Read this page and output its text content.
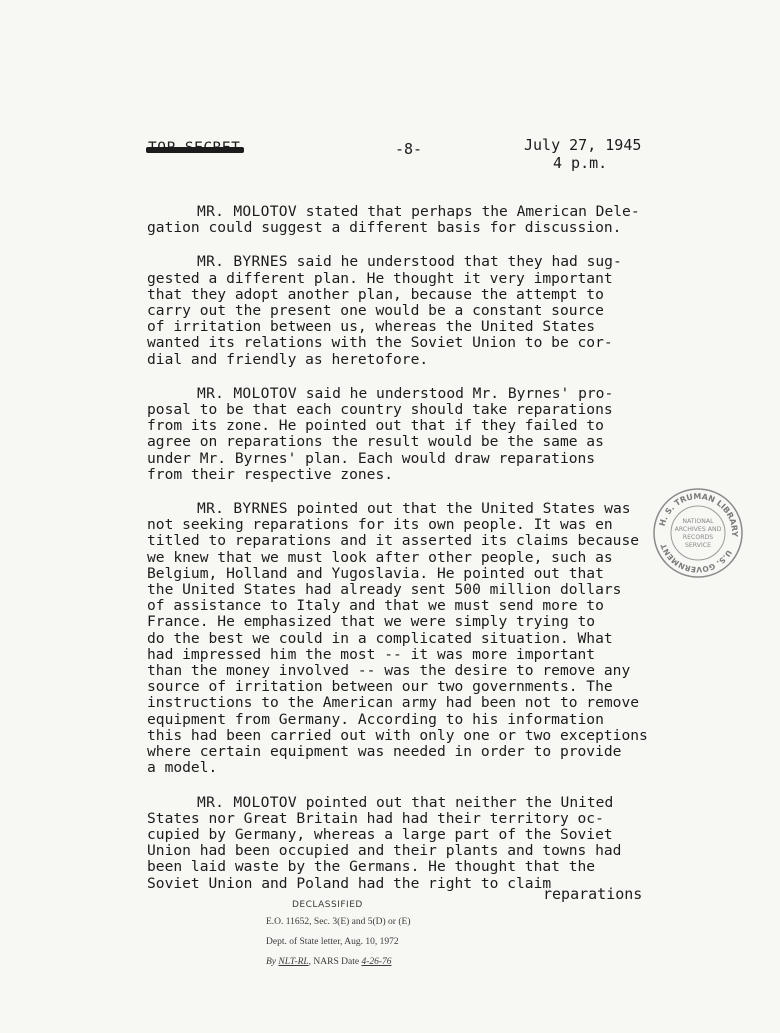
-8-	July 27, 1945
4 p.m.

MR. MOLOTOV stated that perhaps the American Dele-
gation could suggest a different basis for discussion.

MR. BYRNES said he understood that they had sug-
gested a different plan. He thought it very important
that they adopt another plan, because the attempt to
carry out the present one would be a constant source
of irritation between us, whereas the United States
wanted its relations with the Soviet Union to be cor-
dial and friendly as heretofore.

MR. MOLOTOV said he understood Mr. Byrnes' pro-
posal to be that each country should take reparations
from its zone. He pointed out that if they failed to
agree on reparations the result would be the same as
under Mr. Byrnes' plan. Each would draw reparations
from their respective zones.

MR. BYRNES pointed out that the United States was
not seeking reparations for its own people. It was en
titled to reparations and it asserted its claims because
we knew that we must look after other people, such as
Belgium, Holland and Yugoslavia. He pointed out that
the United States had already sent 500 million dollars
of assistance to Italy and that we must send more to
France. He emphasized that we were simply trying to
do the best we could in a complicated situation. What
had impressed him the most -- it was more important
than the money involved -- was the desire to remove any
source of irritation between our two governments. The
instructions to the American army had been not to remove
equipment from Germany. According to his information
this had been carried out with only one or two exceptions
where certain equipment was needed in order to provide
a model.

MR. MOLOTOV pointed out that neither the United
States nor Great Britain had had their territory oc-
cupied by Germany, whereas a large part of the Soviet
Union had been occupied and their plants and towns had
been laid waste by the Germans. He thought that the
Soviet Union and Poland had the right to claim

H. S. TRUMAN LIBRARY
U.S. GOVERNMENT
NATIONAL
ARCHIVES AND
RECORDS
SERVICE
reparations
DECLASSIFIED
E.O. 11652, Sec. 3(E) and 5(D) or (E)
Dept. of State letter, Aug. 10, 1972
By NLT-RL, NARS Date 4-26-76
